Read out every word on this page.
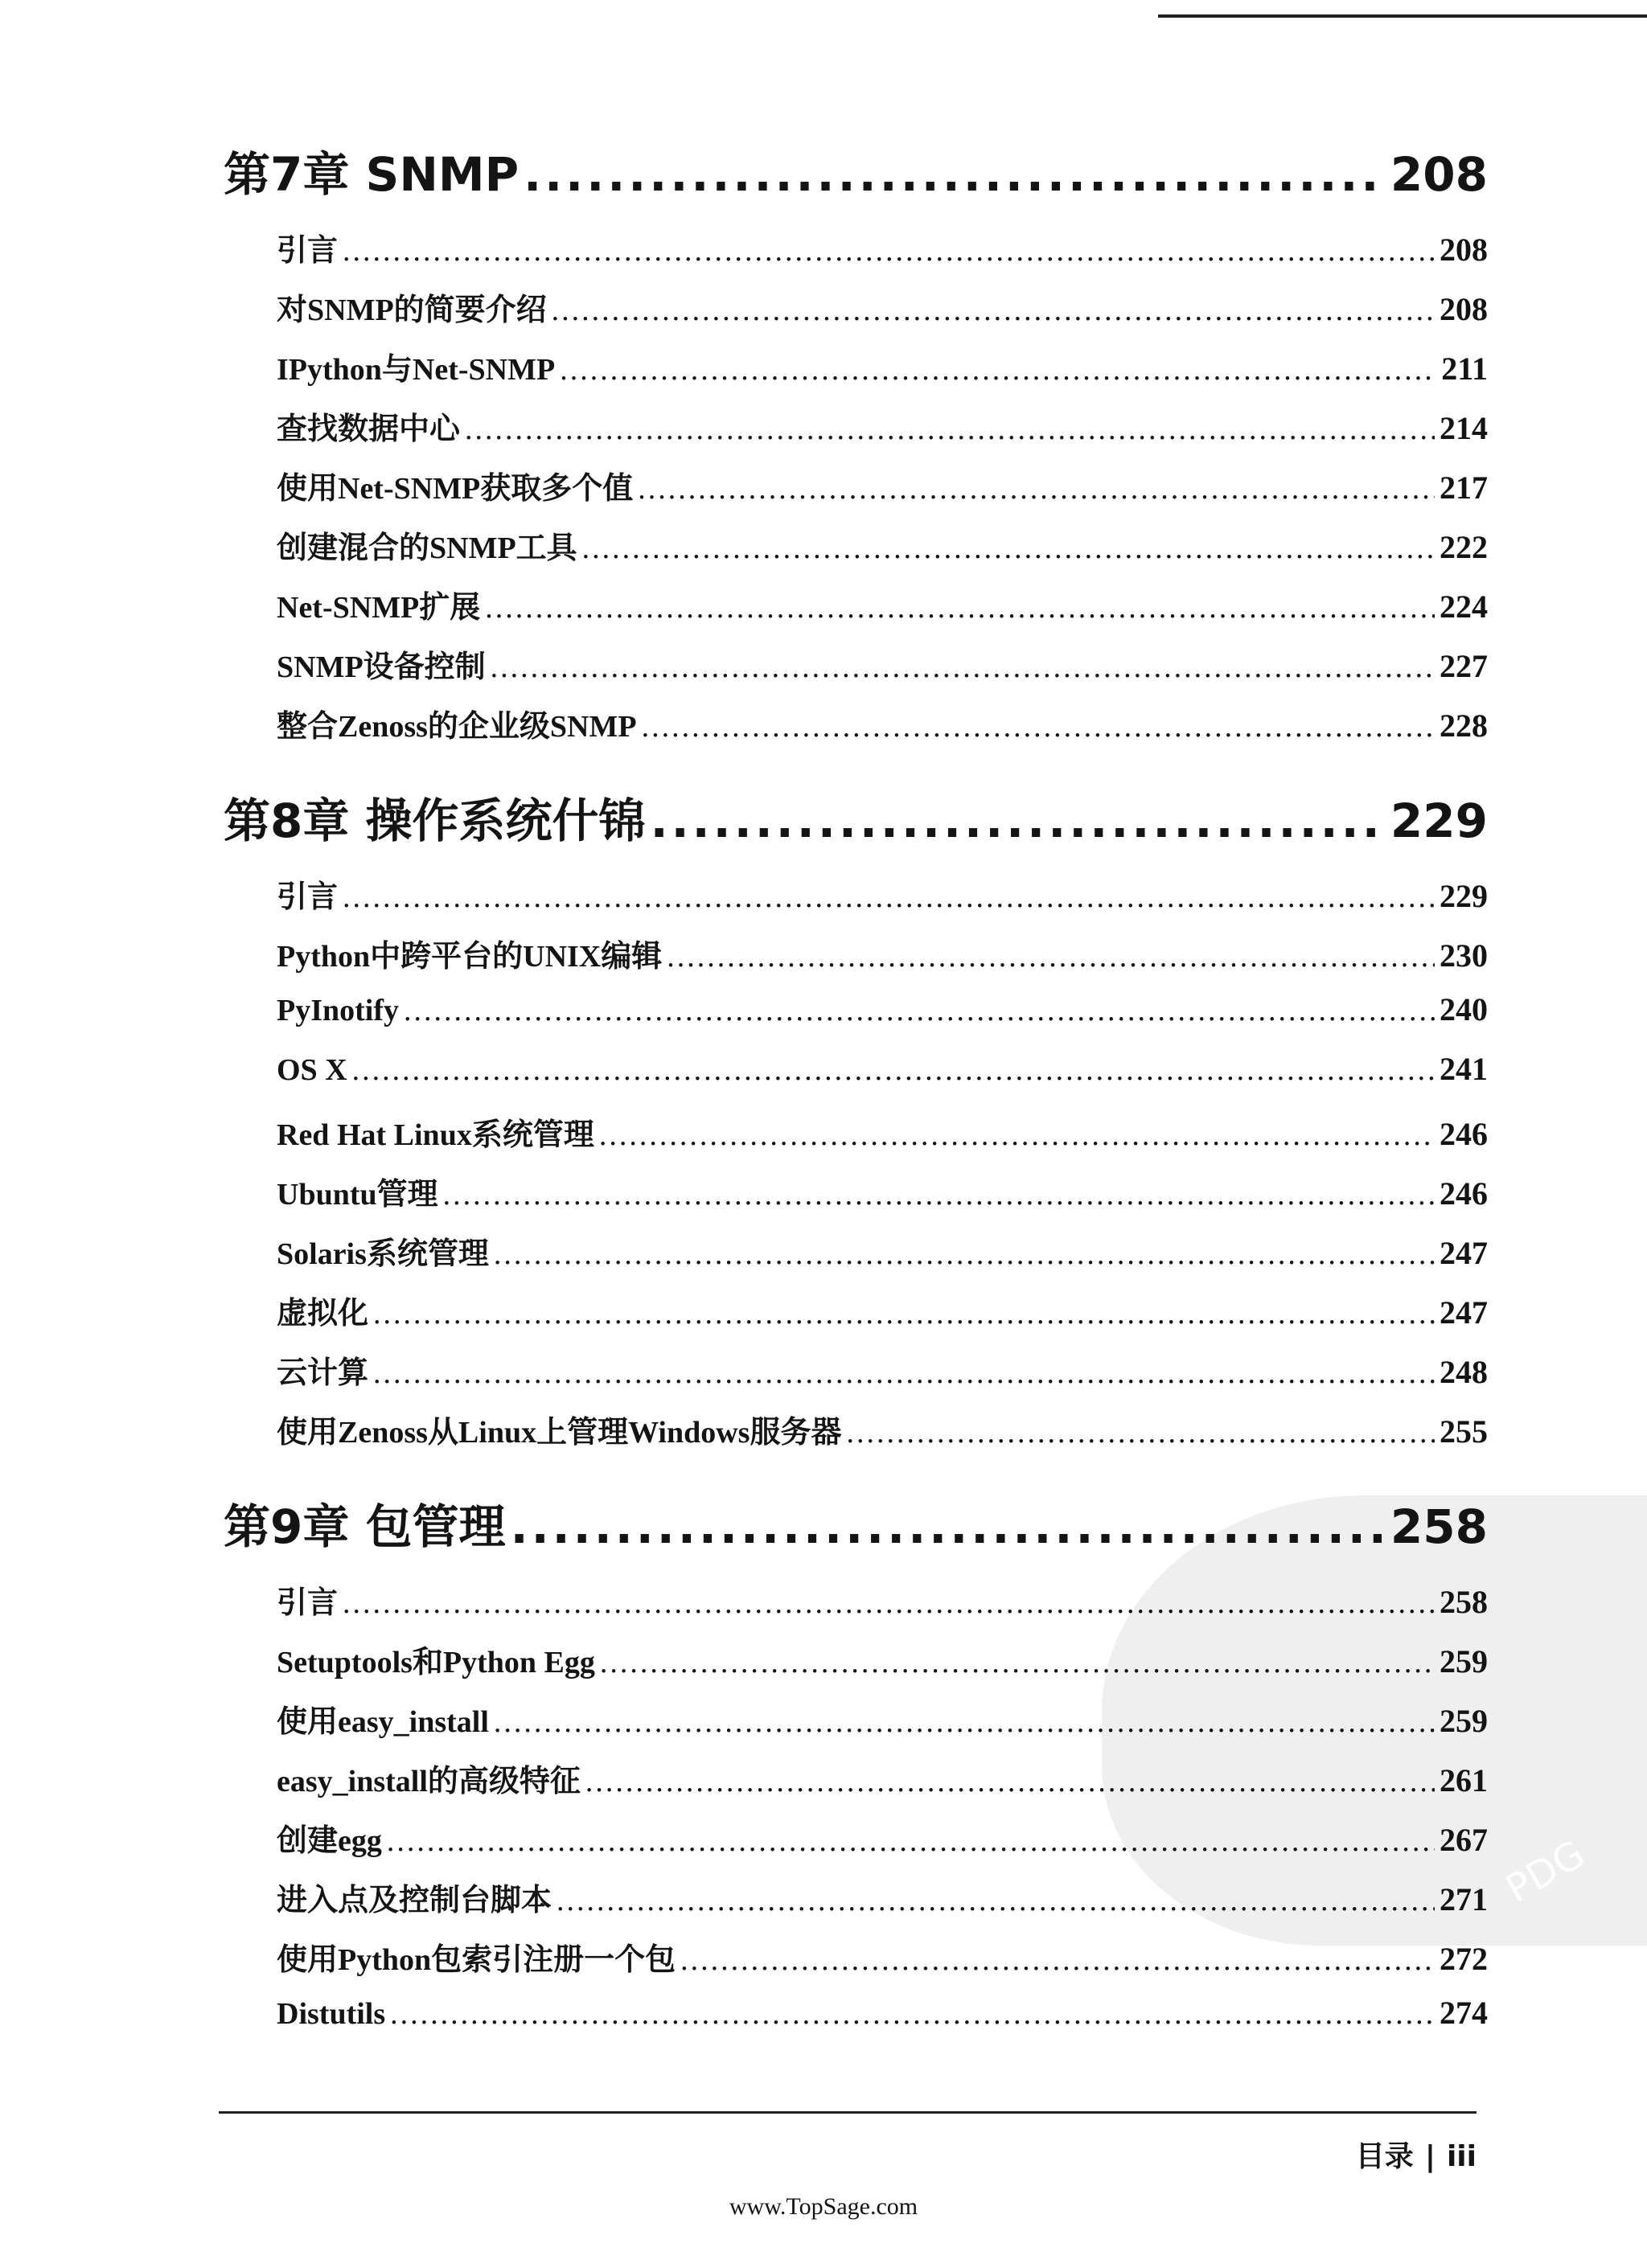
PDG
第7章 SNMP .....	208
引言 .....	208
对SNMP的简要介绍 .....	208
IPython与Net-SNMP .....	211
查找数据中心 .....	214
使用Net-SNMP获取多个值 .....	217
创建混合的SNMP工具 .....	222
Net-SNMP扩展 .....	224
SNMP设备控制 .....	227
整合Zenoss的企业级SNMP .....	228
第8章 操作系统什锦 .....	229
引言 .....	229
Python中跨平台的UNIX编辑 .....	230
PyInotify .....	240
OS X .....	241
Red Hat Linux系统管理 .....	246
Ubuntu管理 .....	246
Solaris系统管理 .....	247
虚拟化 .....	247
云计算 .....	248
使用Zenoss从Linux上管理Windows服务器 .....	255
第9章 包管理 .....	258
引言 .....	258
Setuptools和Python Egg .....	259
使用easy_install .....	259
easy_install的高级特征 .....	261
创建egg .....	267
进入点及控制台脚本 .....	271
使用Python包索引注册一个包 .....	272
Distutils .....	274
目录 | iii
www.TopSage.com
